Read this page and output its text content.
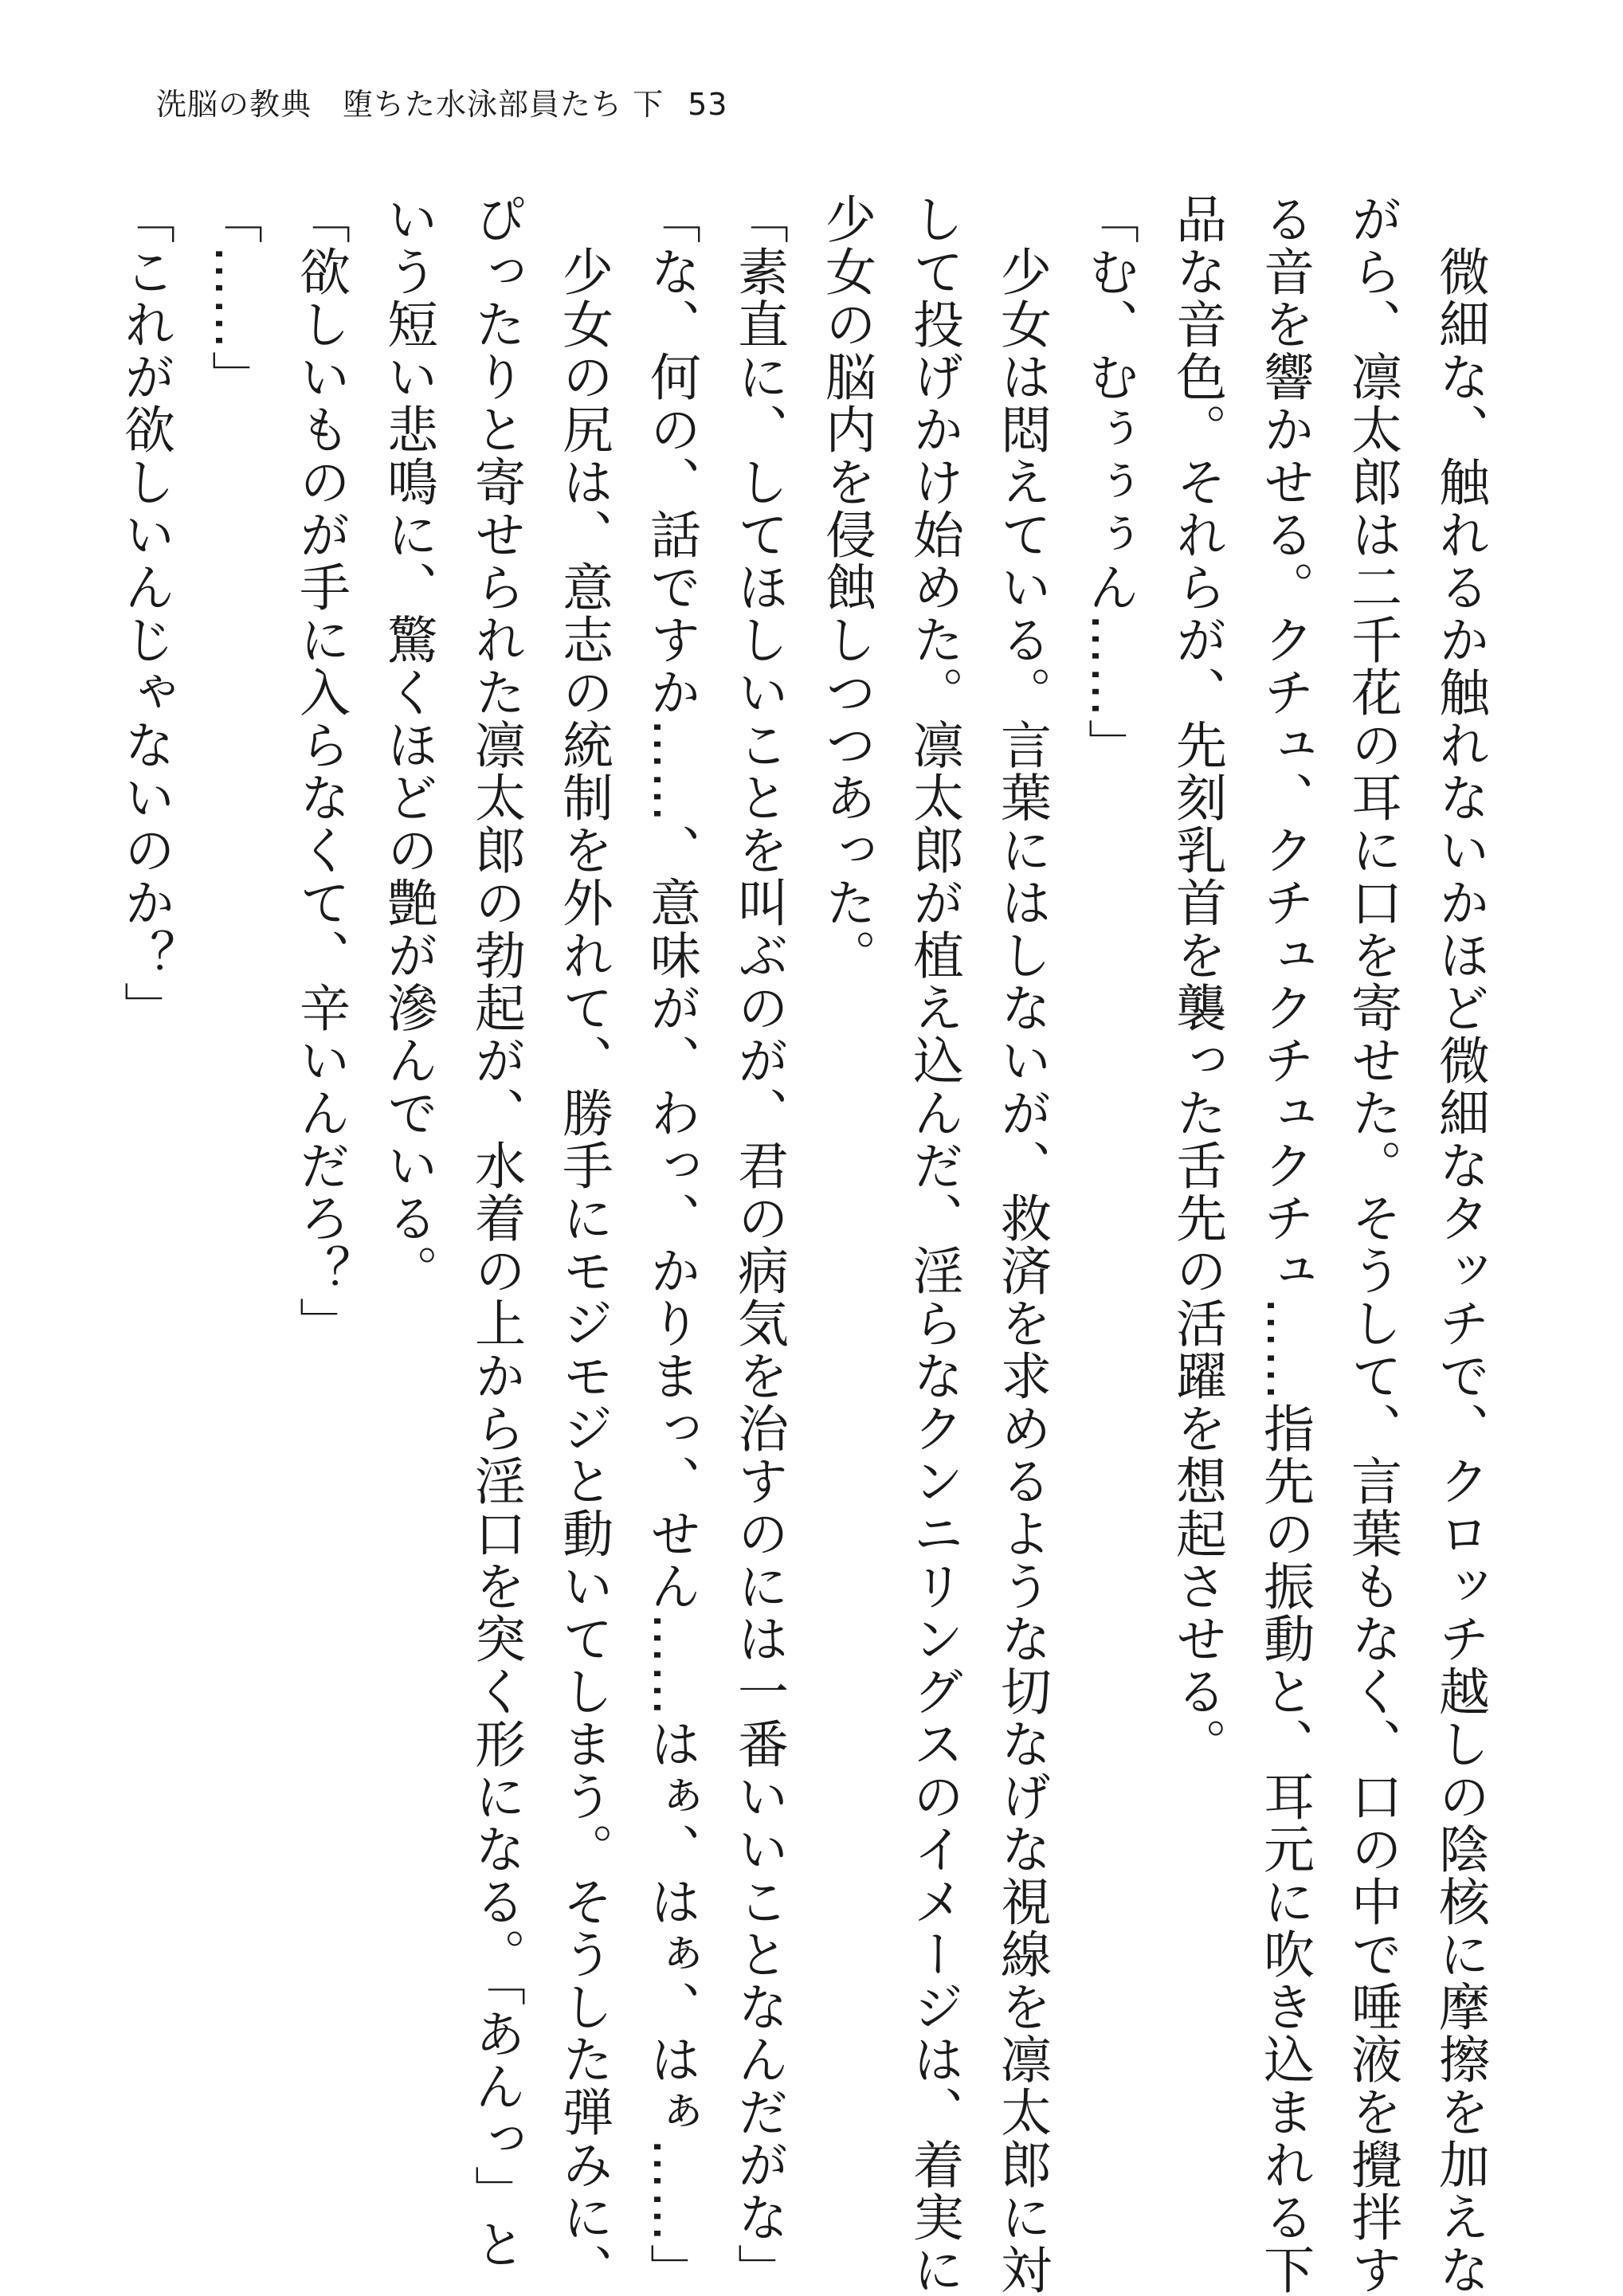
洗脳の教典　堕ちた水泳部員たち 下 53
　微細な、触れるか触れないかほど微細なタッチで、クロッチ越しの陰核に摩擦を加えな
がら、凛太郎は二千花の耳に口を寄せた。そうして、言葉もなく、口の中で唾液を攪拌す
る音を響かせる。クチュ、クチュクチュクチュ……指先の振動と、耳元に吹き込まれる下
品な音色。それらが、先刻乳首を襲った舌先の活躍を想起させる。
「む、むぅぅぅん……」
　少女は悶えている。言葉にはしないが、救済を求めるような切なげな視線を凛太郎に対
して投げかけ始めた。凛太郎が植え込んだ、淫らなクンニリングスのイメージは、着実に
少女の脳内を侵蝕しつつあった。
「素直に、してほしいことを叫ぶのが、君の病気を治すのには一番いいことなんだがな」
「な、何の、話ですか……、意味が、わっ、かりまっ、せん……はぁ、はぁ、はぁ……」
　少女の尻は、意志の統制を外れて、勝手にモジモジと動いてしまう。そうした弾みに、
ぴったりと寄せられた凛太郎の勃起が、水着の上から淫口を突く形になる。「あんっ」と
いう短い悲鳴に、驚くほどの艶が滲んでいる。
「欲しいものが手に入らなくて、辛いんだろ？」
「……」
「これが欲しいんじゃないのか？」
